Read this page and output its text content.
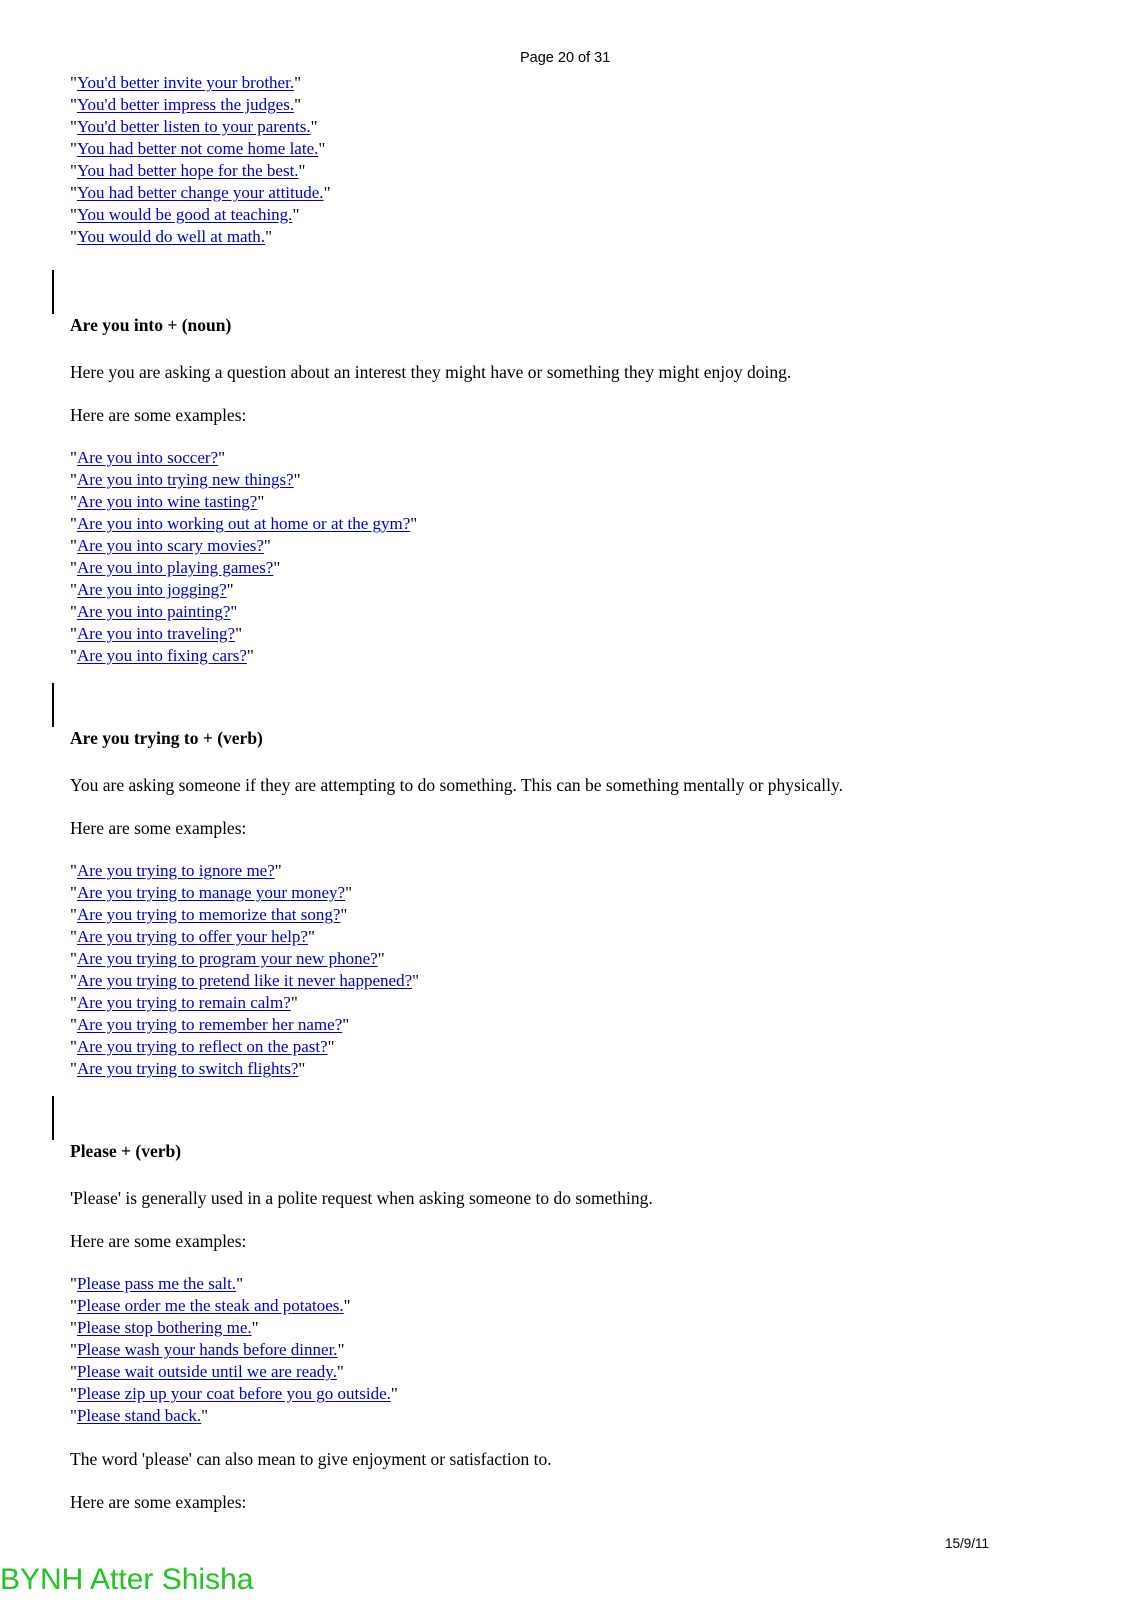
Page 20 of 31
"You'd better invite your brother."
"You'd better impress the judges."
"You'd better listen to your parents."
"You had better not come home late."
"You had better hope for the best."
"You had better change your attitude."
"You would be good at teaching."
"You would do well at math."

Are you into + (noun)

Here you are asking a question about an interest they might have or something they might enjoy doing.

Here are some examples:

"Are you into soccer?"
"Are you into trying new things?"
"Are you into wine tasting?"
"Are you into working out at home or at the gym?"
"Are you into scary movies?"
"Are you into playing games?"
"Are you into jogging?"
"Are you into painting?"
"Are you into traveling?"
"Are you into fixing cars?"

Are you trying to + (verb)

You are asking someone if they are attempting to do something. This can be something mentally or physically.

Here are some examples:

"Are you trying to ignore me?"
"Are you trying to manage your money?"
"Are you trying to memorize that song?"
"Are you trying to offer your help?"
"Are you trying to program your new phone?"
"Are you trying to pretend like it never happened?"
"Are you trying to remain calm?"
"Are you trying to remember her name?"
"Are you trying to reflect on the past?"
"Are you trying to switch flights?"

Please + (verb)

'Please' is generally used in a polite request when asking someone to do something.

Here are some examples:

"Please pass me the salt."
"Please order me the steak and potatoes."
"Please stop bothering me."
"Please wash your hands before dinner."
"Please wait outside until we are ready."
"Please zip up your coat before you go outside."
"Please stand back."

The word 'please' can also mean to give enjoyment or satisfaction to.

Here are some examples:

15/9/11
BYNH Atter Shisha
